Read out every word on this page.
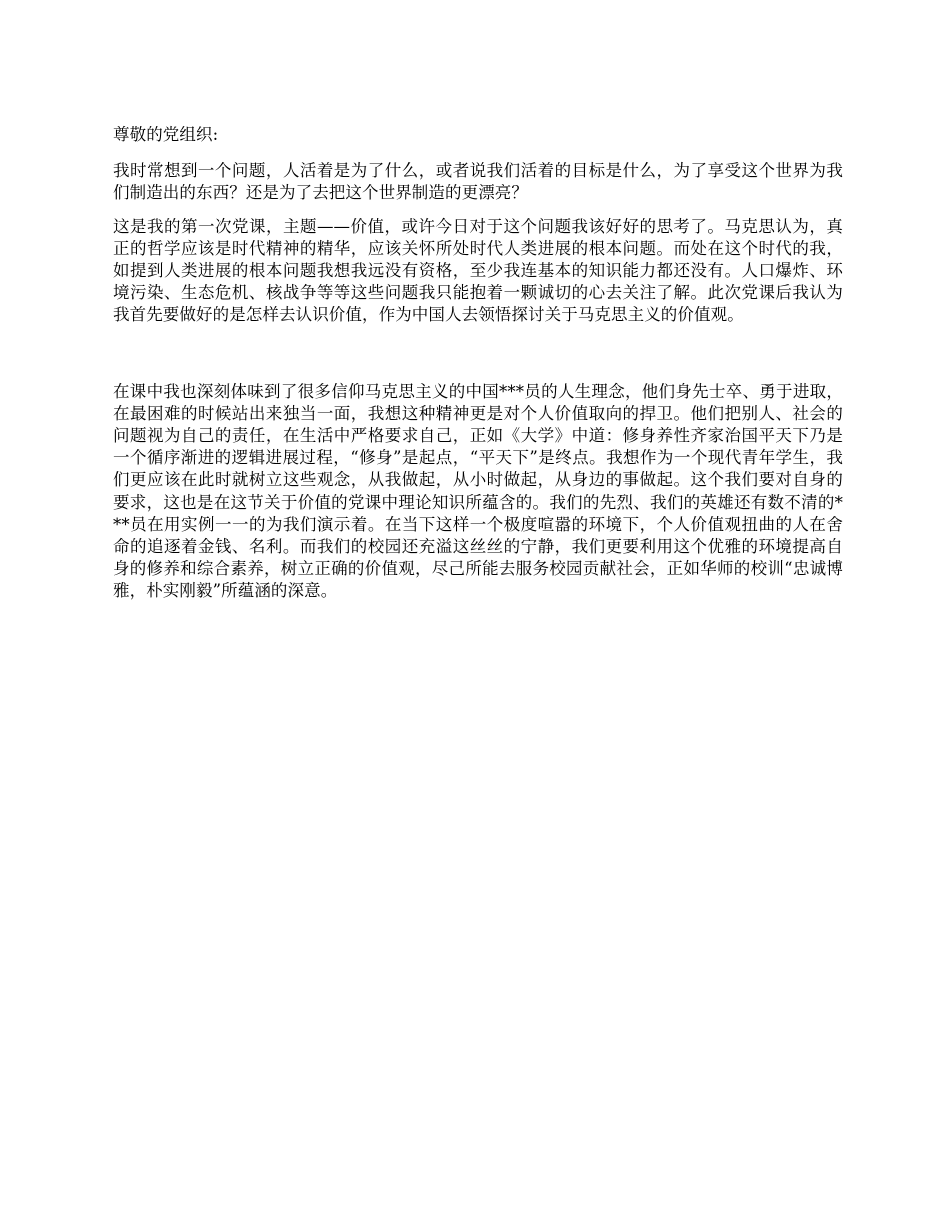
尊敬的党组织:

我时常想到一个问题，人活着是为了什么，或者说我们活着的目标是什么，为了享受这个世界为我们制造出的东西？还是为了去把这个世界制造的更漂亮？

这是我的第一次党课，主题——价值，或许今日对于这个问题我该好好的思考了。马克思认为，真正的哲学应该是时代精神的精华，应该关怀所处时代人类进展的根本问题。而处在这个时代的我，如提到人类进展的根本问题我想我远没有资格，至少我连基本的知识能力都还没有。人口爆炸、环境污染、生态危机、核战争等等这些问题我只能抱着一颗诚切的心去关注了解。此次党课后我认为我首先要做好的是怎样去认识价值，作为中国人去领悟探讨关于马克思主义的价值观。

在课中我也深刻体味到了很多信仰马克思主义的中国***员的人生理念，他们身先士卒、勇于进取，在最困难的时候站出来独当一面，我想这种精神更是对个人价值取向的捍卫。他们把别人、社会的问题视为自己的责任，在生活中严格要求自己，正如《大学》中道：修身养性齐家治国平天下乃是一个循序渐进的逻辑进展过程，“修身”是起点，“平天下”是终点。我想作为一个现代青年学生，我们更应该在此时就树立这些观念，从我做起，从小时做起，从身边的事做起。这个我们要对自身的要求，这也是在这节关于价值的党课中理论知识所蕴含的。我们的先烈、我们的英雄还有数不清的***员在用实例一一的为我们演示着。在当下这样一个极度喧嚣的环境下，个人价值观扭曲的人在舍命的追逐着金钱、名利。而我们的校园还充溢这丝丝的宁静，我们更要利用这个优雅的环境提高自身的修养和综合素养，树立正确的价值观，尽己所能去服务校园贡献社会，正如华师的校训“忠诚博雅，朴实刚毅”所蕴涵的深意。
